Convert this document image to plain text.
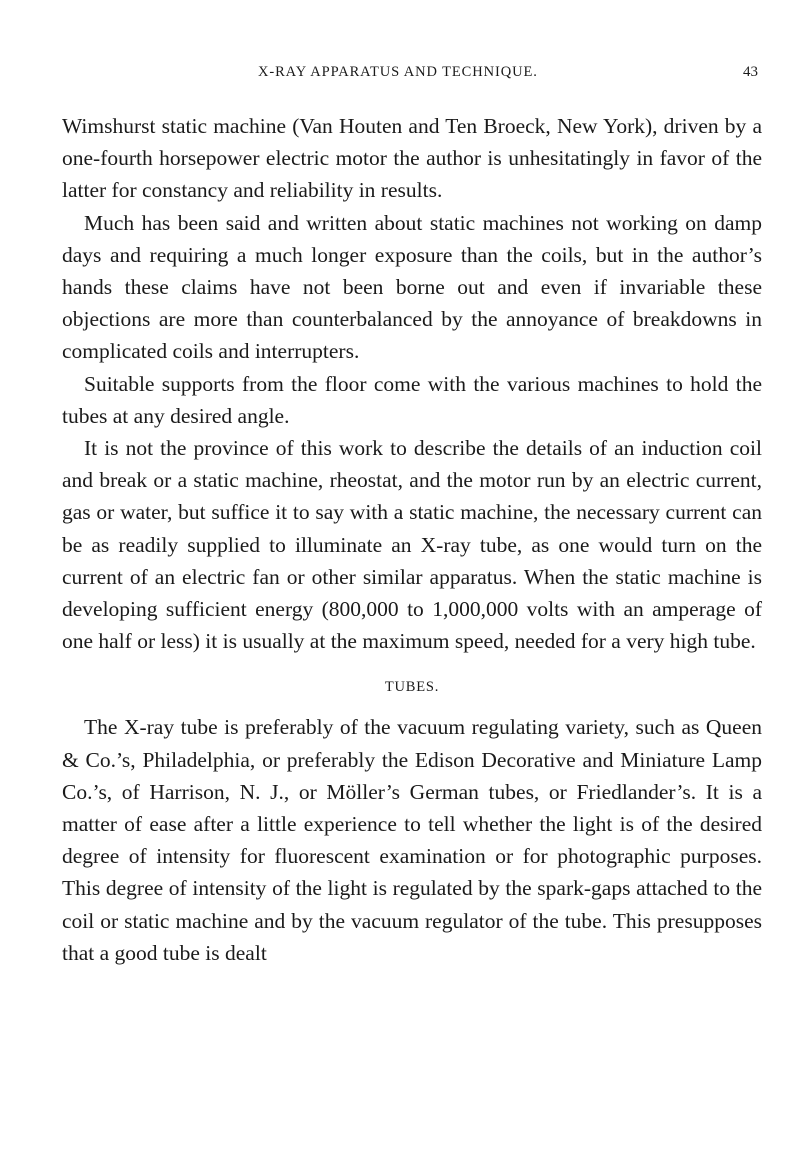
X-RAY APPARATUS AND TECHNIQUE.	43

Wimshurst static machine (Van Houten and Ten Broeck, New York), driven by a one-fourth horsepower electric motor the author is unhesitatingly in favor of the latter for constancy and reliability in results.

Much has been said and written about static machines not working on damp days and requiring a much longer exposure than the coils, but in the author’s hands these claims have not been borne out and even if invariable these objections are more than counterbalanced by the annoyance of breakdowns in complicated coils and interrupters.

Suitable supports from the floor come with the various machines to hold the tubes at any desired angle.

It is not the province of this work to describe the details of an induction coil and break or a static machine, rheostat, and the motor run by an electric current, gas or water, but suffice it to say with a static machine, the necessary current can be as readily supplied to illuminate an X-ray tube, as one would turn on the current of an electric fan or other similar apparatus. When the static machine is developing sufficient energy (800,000 to 1,000,000 volts with an amperage of one half or less) it is usually at the maximum speed, needed for a very high tube.

TUBES.

The X-ray tube is preferably of the vacuum regulating variety, such as Queen & Co.’s, Philadelphia, or preferably the Edison Decorative and Miniature Lamp Co.’s, of Harrison, N. J., or Möller’s German tubes, or Friedlander’s. It is a matter of ease after a little experience to tell whether the light is of the desired degree of intensity for fluorescent examination or for photographic purposes. This degree of intensity of the light is regulated by the spark-gaps attached to the coil or static machine and by the vacuum regulator of the tube. This presupposes that a good tube is dealt
